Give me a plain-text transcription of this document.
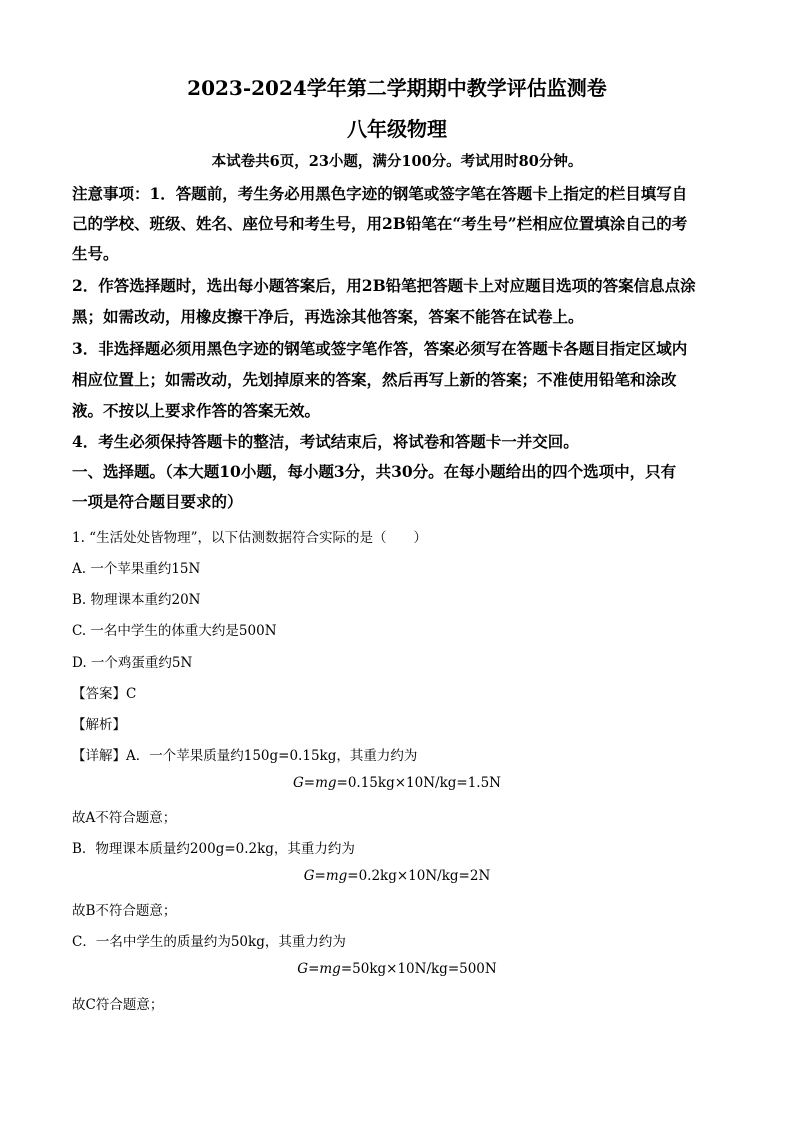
2023-2024学年第二学期期中教学评估监测卷
八年级物理
本试卷共6页，23小题，满分100分。考试用时80分钟。
注意事项：1．答题前，考生务必用黑色字迹的钢笔或签字笔在答题卡上指定的栏目填写自
己的学校、班级、姓名、座位号和考生号，用2B铅笔在“考生号”栏相应位置填涂自己的考
生号。
2．作答选择题时，选出每小题答案后，用2B铅笔把答题卡上对应题目选项的答案信息点涂
黑；如需改动，用橡皮擦干净后，再选涂其他答案，答案不能答在试卷上。
3．非选择题必须用黑色字迹的钢笔或签字笔作答，答案必须写在答题卡各题目指定区域内
相应位置上；如需改动，先划掉原来的答案，然后再写上新的答案；不准使用铅笔和涂改
液。不按以上要求作答的答案无效。
4．考生必须保持答题卡的整洁，考试结束后，将试卷和答题卡一并交回。
一、选择题。（本大题10小题，每小题3分，共30分。在每小题给出的四个选项中，只有
一项是符合题目要求的）
1. “生活处处皆物理”，以下估测数据符合实际的是（　　）
A. 一个苹果重约15N
B. 物理课本重约20N
C. 一名中学生的体重大约是500N
D. 一个鸡蛋重约5N
【答案】C
【解析】
【详解】A．一个苹果质量约150g=0.15kg，其重力约为
G=mg=0.15kg×10N/kg=1.5N
故A不符合题意；
B．物理课本质量约200g=0.2kg，其重力约为
G=mg=0.2kg×10N/kg=2N
故B不符合题意；
C．一名中学生的质量约为50kg，其重力约为
G=mg=50kg×10N/kg=500N
故C符合题意；
